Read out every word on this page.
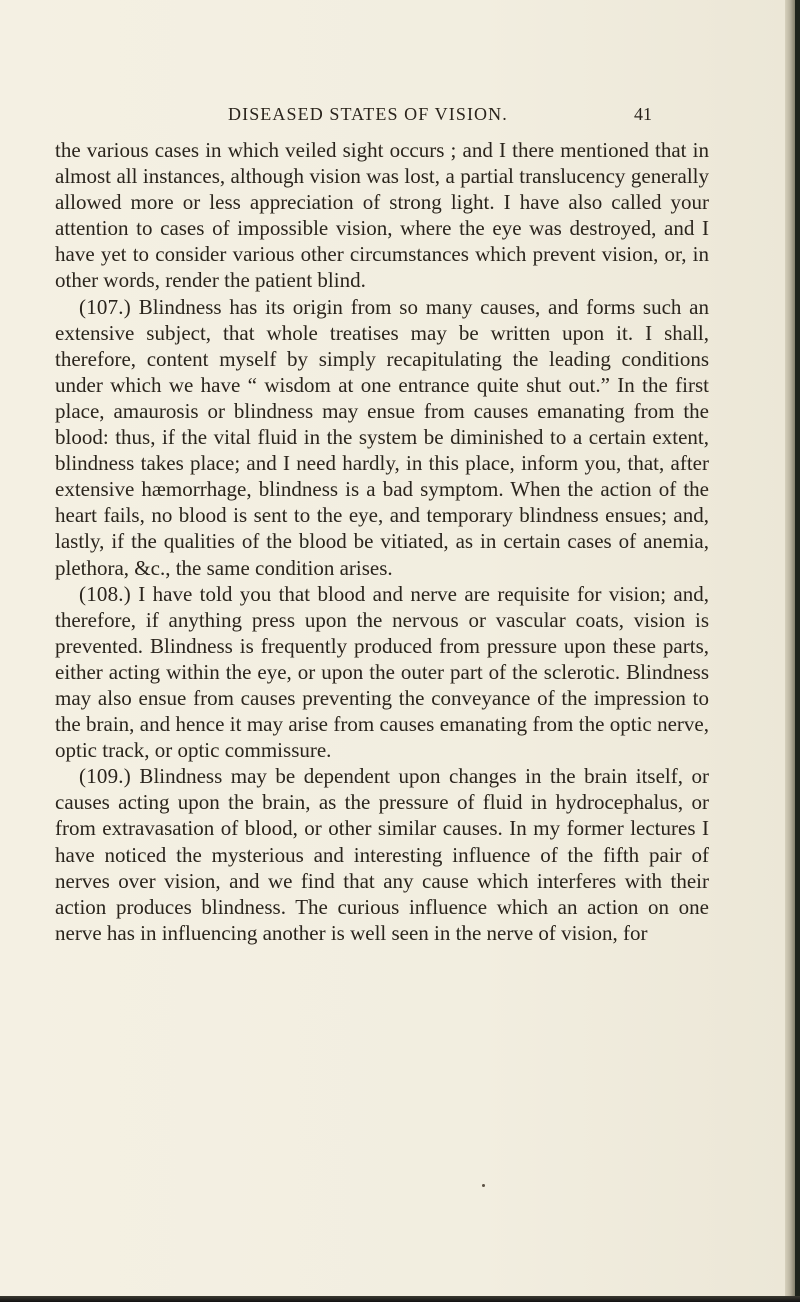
DISEASED STATES OF VISION.	41

the various cases in which veiled sight occurs ; and I there mentioned that in almost all instances, although vision was lost, a partial translucency generally allowed more or less appreciation of strong light. I have also called your attention to cases of impossible vision, where the eye was destroyed, and I have yet to consider various other circumstances which prevent vision, or, in other words, render the patient blind.

(107.) Blindness has its origin from so many causes, and forms such an extensive subject, that whole treatises may be written upon it. I shall, therefore, content myself by simply recapitulating the leading conditions under which we have “ wisdom at one entrance quite shut out.” In the first place, amaurosis or blindness may ensue from causes emanating from the blood: thus, if the vital fluid in the system be diminished to a certain extent, blindness takes place; and I need hardly, in this place, inform you, that, after extensive hæmorrhage, blindness is a bad symptom. When the action of the heart fails, no blood is sent to the eye, and temporary blindness ensues; and, lastly, if the qualities of the blood be vitiated, as in certain cases of anemia, plethora, &c., the same condition arises.

(108.) I have told you that blood and nerve are requisite for vision; and, therefore, if anything press upon the nervous or vascular coats, vision is prevented. Blindness is frequently produced from pressure upon these parts, either acting within the eye, or upon the outer part of the sclerotic. Blindness may also ensue from causes preventing the conveyance of the impression to the brain, and hence it may arise from causes emanating from the optic nerve, optic track, or optic commissure.

(109.) Blindness may be dependent upon changes in the brain itself, or causes acting upon the brain, as the pressure of fluid in hydrocephalus, or from extravasation of blood, or other similar causes. In my former lectures I have noticed the mysterious and interesting influence of the fifth pair of nerves over vision, and we find that any cause which interferes with their action produces blindness. The curious influence which an action on one nerve has in influencing another is well seen in the nerve of vision, for
